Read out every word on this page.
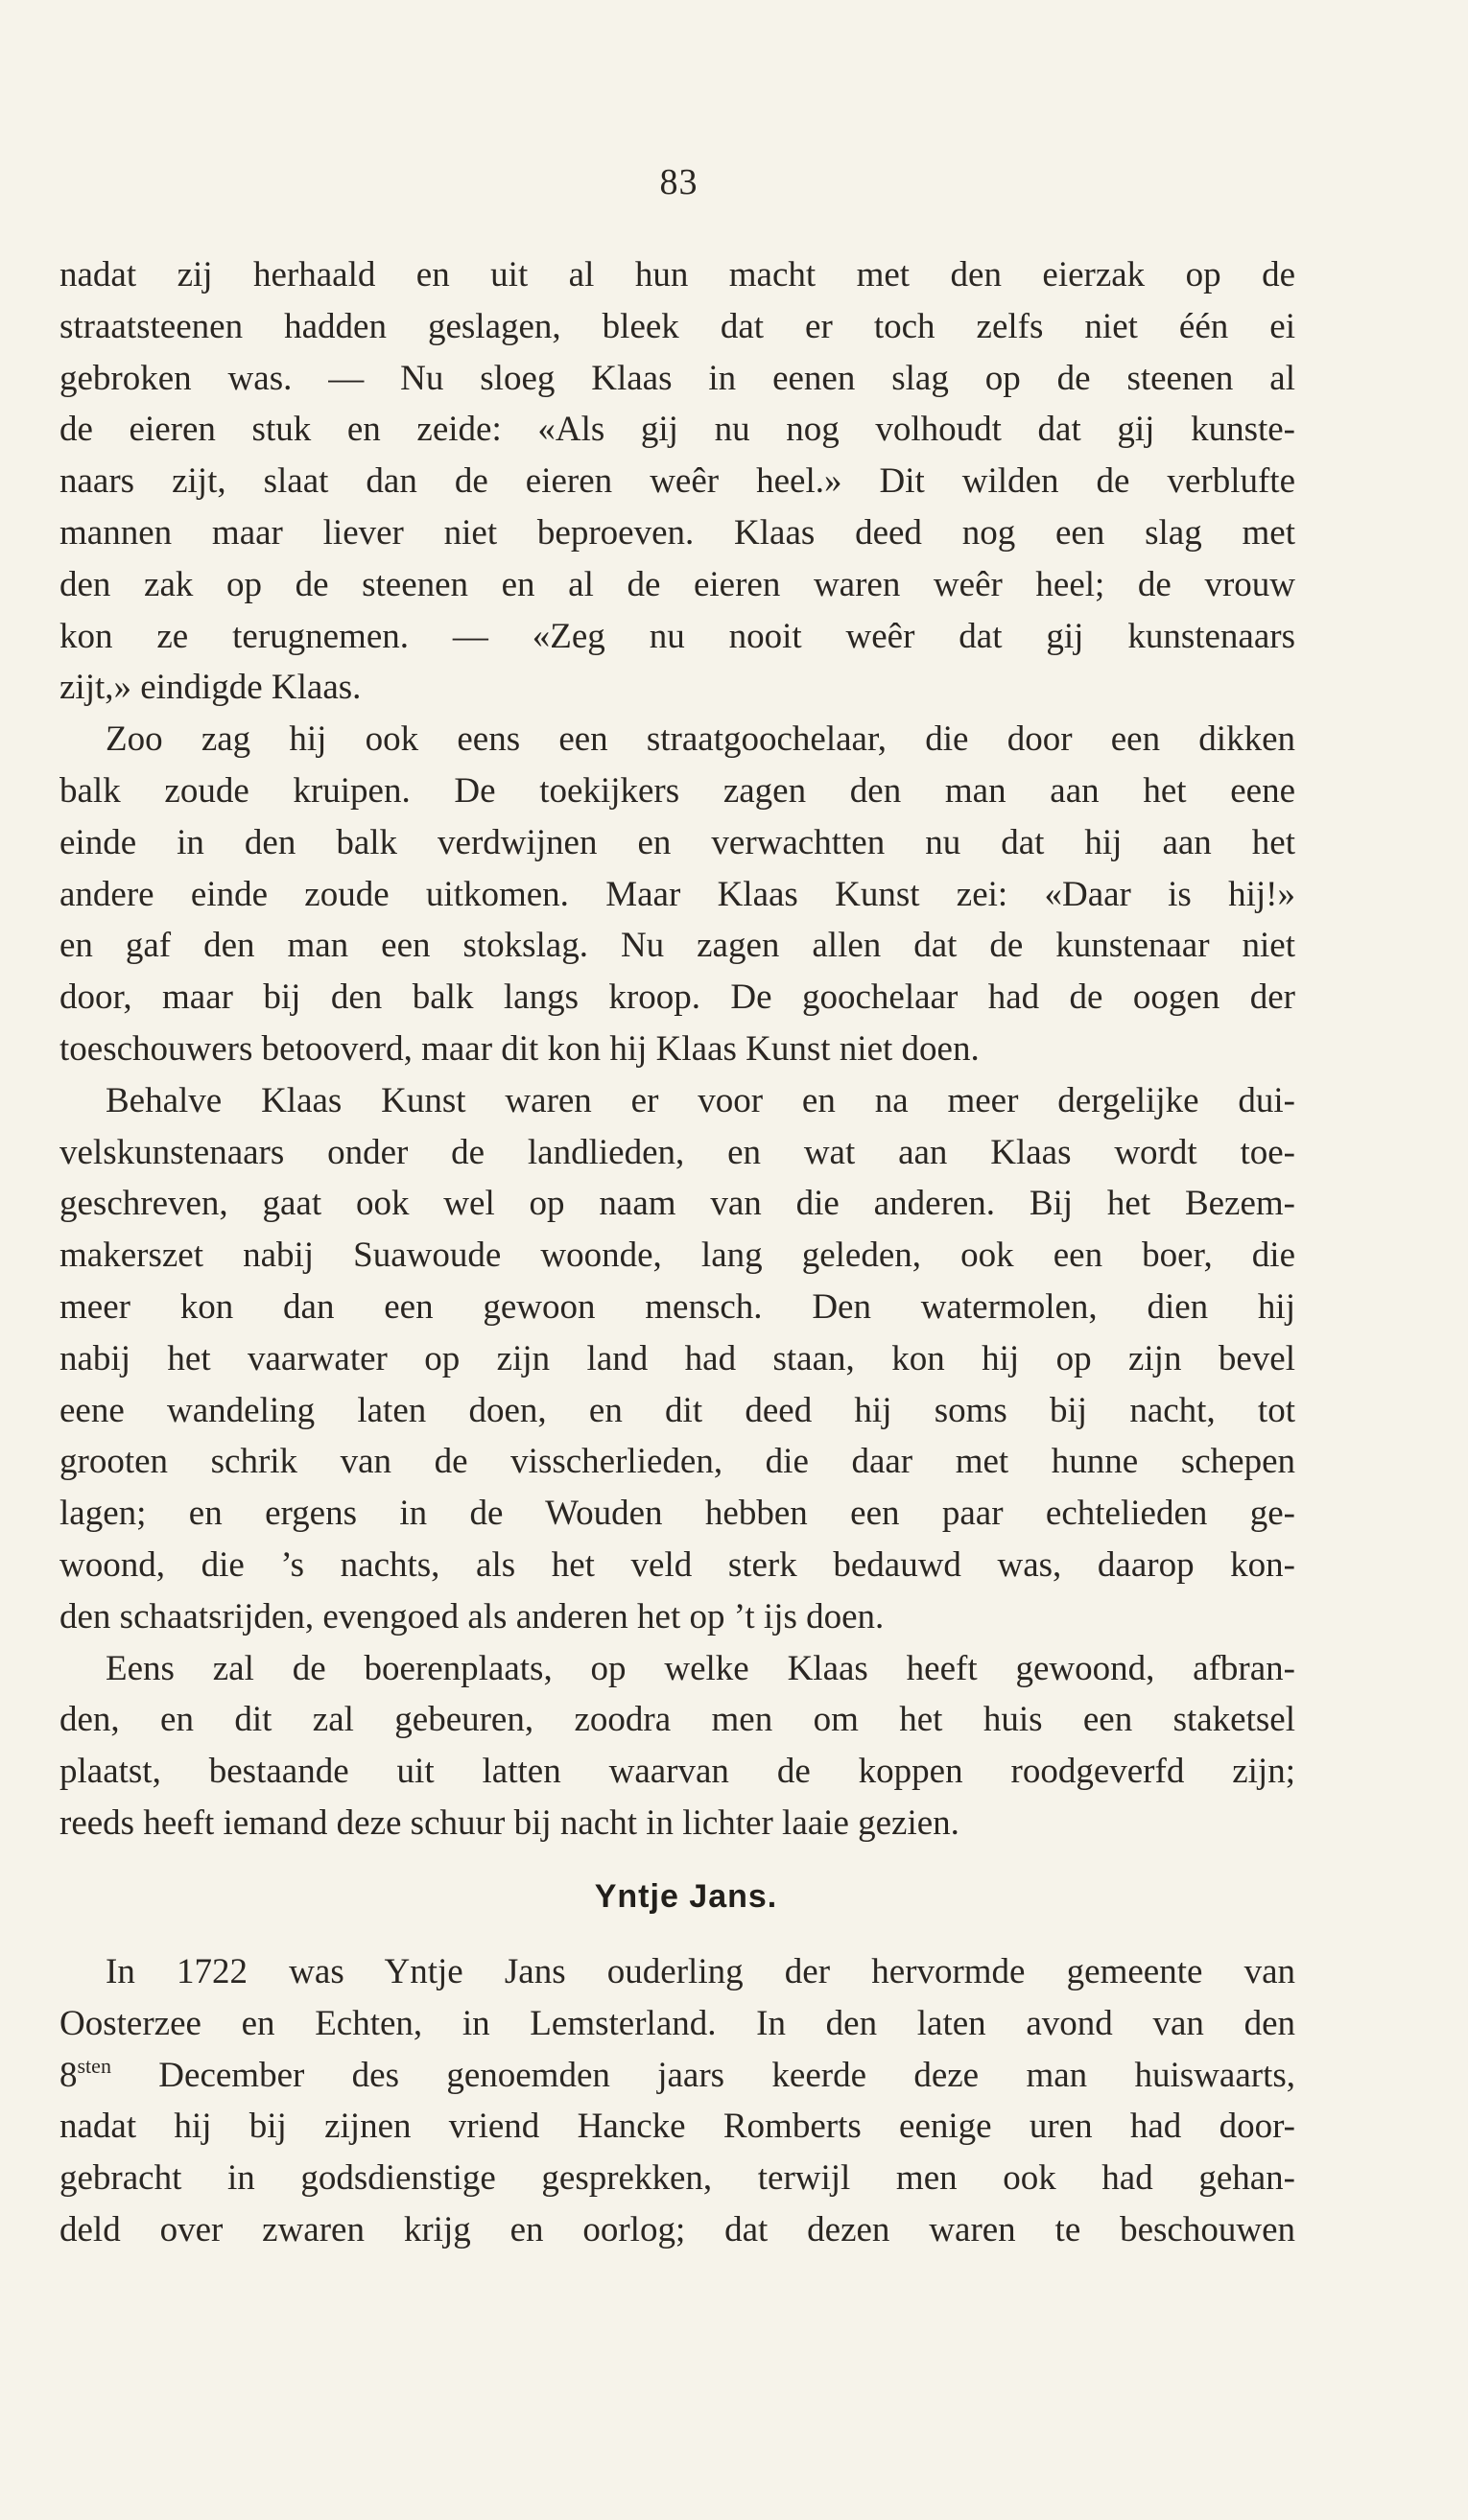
83
nadat zij herhaald en uit al hun macht met den eierzak op de
straatsteenen hadden geslagen, bleek dat er toch zelfs niet één ei
gebroken was. — Nu sloeg Klaas in eenen slag op de steenen al
de eieren stuk en zeide: «Als gij nu nog volhoudt dat gij kunste-
naars zijt, slaat dan de eieren weêr heel.» Dit wilden de verblufte
mannen maar liever niet beproeven. Klaas deed nog een slag met
den zak op de steenen en al de eieren waren weêr heel; de vrouw
kon ze terugnemen. — «Zeg nu nooit weêr dat gij kunstenaars
zijt,» eindigde Klaas.
Zoo zag hij ook eens een straatgoochelaar, die door een dikken
balk zoude kruipen. De toekijkers zagen den man aan het eene
einde in den balk verdwijnen en verwachtten nu dat hij aan het
andere einde zoude uitkomen. Maar Klaas Kunst zei: «Daar is hij!»
en gaf den man een stokslag. Nu zagen allen dat de kunstenaar niet
door, maar bij den balk langs kroop. De goochelaar had de oogen der
toeschouwers betooverd, maar dit kon hij Klaas Kunst niet doen.
Behalve Klaas Kunst waren er voor en na meer dergelijke dui-
velskunstenaars onder de landlieden, en wat aan Klaas wordt toe-
geschreven, gaat ook wel op naam van die anderen. Bij het Bezem-
makerszet nabij Suawoude woonde, lang geleden, ook een boer, die
meer kon dan een gewoon mensch. Den watermolen, dien hij
nabij het vaarwater op zijn land had staan, kon hij op zijn bevel
eene wandeling laten doen, en dit deed hij soms bij nacht, tot
grooten schrik van de visscherlieden, die daar met hunne schepen
lagen; en ergens in de Wouden hebben een paar echtelieden ge-
woond, die ’s nachts, als het veld sterk bedauwd was, daarop kon-
den schaatsrijden, evengoed als anderen het op ’t ijs doen.
Eens zal de boerenplaats, op welke Klaas heeft gewoond, afbran-
den, en dit zal gebeuren, zoodra men om het huis een staketsel
plaatst, bestaande uit latten waarvan de koppen roodgeverfd zijn;
reeds heeft iemand deze schuur bij nacht in lichter laaie gezien.
Yntje Jans.
In 1722 was Yntje Jans ouderling der hervormde gemeente van
Oosterzee en Echten, in Lemsterland. In den laten avond van den
$8^{sten}$ December des genoemden jaars keerde deze man huiswaarts,
nadat hij bij zijnen vriend Hancke Romberts eenige uren had door-
gebracht in godsdienstige gesprekken, terwijl men ook had gehan-
deld over zwaren krijg en oorlog; dat dezen waren te beschouwen
